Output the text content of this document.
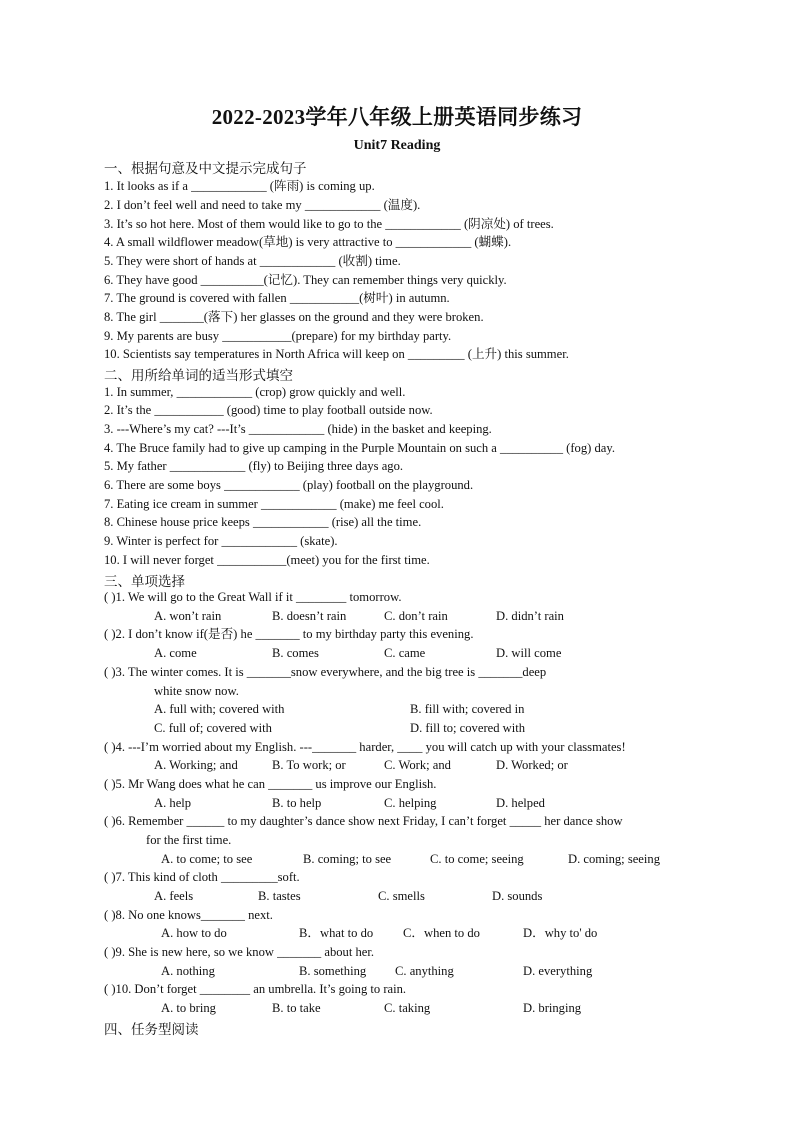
2022-2023学年八年级上册英语同步练习
Unit7 Reading
一、根据句意及中文提示完成句子
1. It looks as if a ____________ (阵雨) is coming up.
2. I don’t feel well and need to take my ____________ (温度).
3. It’s so hot here. Most of them would like to go to the ____________ (阴凉处) of trees.
4. A small wildflower meadow(草地) is very attractive to ____________ (蝴蝶).
5. They were short of hands at ____________ (收割) time.
6. They have good __________(记忆). They can remember things very quickly.
7. The ground is covered with fallen ___________(树叶) in autumn.
8. The girl _______(落下) her glasses on the ground and they were broken.
9. My parents are busy ___________(prepare) for my birthday party.
10. Scientists say temperatures in North Africa will keep on _________ (上升) this summer.
二、用所给单词的适当形式填空
1. In summer, ____________ (crop) grow quickly and well.
2. It’s the ___________ (good) time to play football outside now.
3. ---Where’s my cat? ---It’s ____________ (hide) in the basket and keeping.
4. The Bruce family had to give up camping in the Purple Mountain on such a __________ (fog) day.
5. My father ____________ (fly) to Beijing three days ago.
6. There are some boys ____________ (play) football on the playground.
7. Eating ice cream in summer ____________ (make) me feel cool.
8. Chinese house price keeps ____________ (rise) all the time.
9. Winter is perfect for ____________ (skate).
10. I will never forget ___________(meet) you for the first time.
三、单项选择
( )1. We will go to the Great Wall if it ________ tomorrow.
A. won’t rain	B. doesn’t rain	C. don’t rain	D. didn’t rain
( )2. I don’t know if(是否) he _______ to my birthday party this evening.
A. come	B. comes	C. came	D. will come
( )3. The winter comes. It is _______snow everywhere, and the big tree is _______deep
white snow now.
A. full with; covered with	B. fill with; covered in
C. full of; covered with	D. fill to; covered with
( )4. ---I’m worried about my English. ---_______ harder, ____ you will catch up with your classmates!
A. Working; and	B. To work; or	C. Work; and	D. Worked; or
( )5. Mr Wang does what he can _______ us improve our English.
A. help	B. to help	C. helping	D. helped
( )6. Remember ______ to my daughter’s dance show next Friday, I can’t forget _____ her dance show
for the first time.
A. to come; to see	B. coming; to see	C. to come; seeing	D. coming; seeing
( )7. This kind of cloth _________soft.
A. feels	B. tastes	C. smells	D. sounds
( )8. No one knows_______ next.
A. how to do	B．what to do C．when to do	D．why to' do
( )9. She is new here, so we know _______ about her.
A. nothing	B. something C. anything	D. everything
( )10. Don’t forget ________ an umbrella. It’s going to rain.
A. to bring	B. to take	C. taking	D. bringing
四、任务型阅读
